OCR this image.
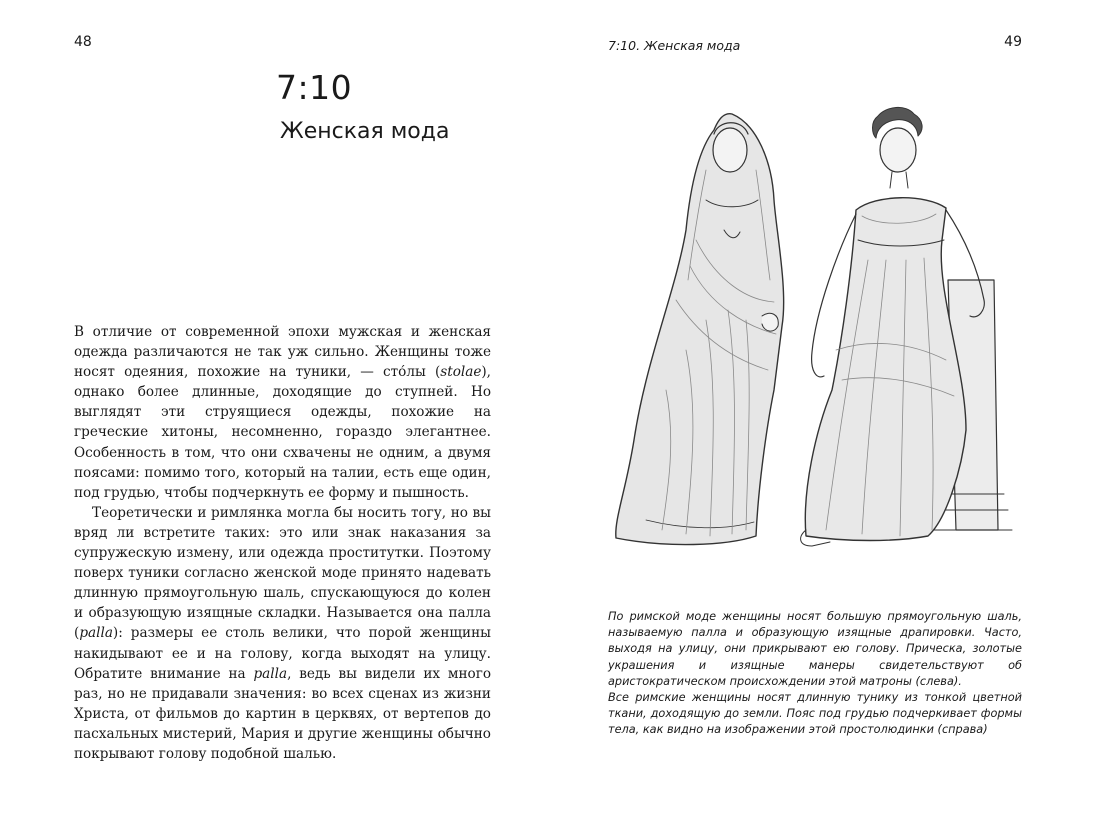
48
7:10
Женская мода

В отличие от современной эпохи мужская и женская одежда различаются не так уж сильно. Женщины тоже носят одеяния, похожие на туники, — сто́лы (stolae), однако более длинные, доходящие до ступней. Но выглядят эти струящиеся одежды, похожие на греческие хитоны, несомненно, гораздо элегантнее. Особенность в том, что они схвачены не одним, а двумя поясами: помимо того, который на талии, есть еще один, под грудью, чтобы подчеркнуть ее форму и пышность.

Теоретически и римлянка могла бы носить тогу, но вы вряд ли встретите таких: это или знак наказания за супружескую измену, или одежда проститутки. Поэтому поверх туники согласно женской моде принято надевать длинную прямоугольную шаль, спускающуюся до колен и образующую изящные складки. Называется она палла (palla): размеры ее столь велики, что порой женщины накидывают ее и на голову, когда выходят на улицу. Обратите внимание на palla, ведь вы видели их много раз, но не придавали значения: во всех сценах из жизни Христа, от фильмов до картин в церквях, от вертепов до пасхальных мистерий, Мария и другие женщины обычно покрывают голову подобной шалью.

7:10. Женская мода	49

По римской моде женщины носят большую прямоугольную шаль, называемую палла и образующую изящные драпировки. Часто, выходя на улицу, они прикрывают ею голову. Прическа, золотые украшения и изящные манеры свидетельствуют об аристократическом происхождении этой матроны (слева).

Все римские женщины носят длинную тунику из тонкой цветной ткани, доходящую до земли. Пояс под грудью подчеркивает формы тела, как видно на изображении этой простолюдинки (справа)
